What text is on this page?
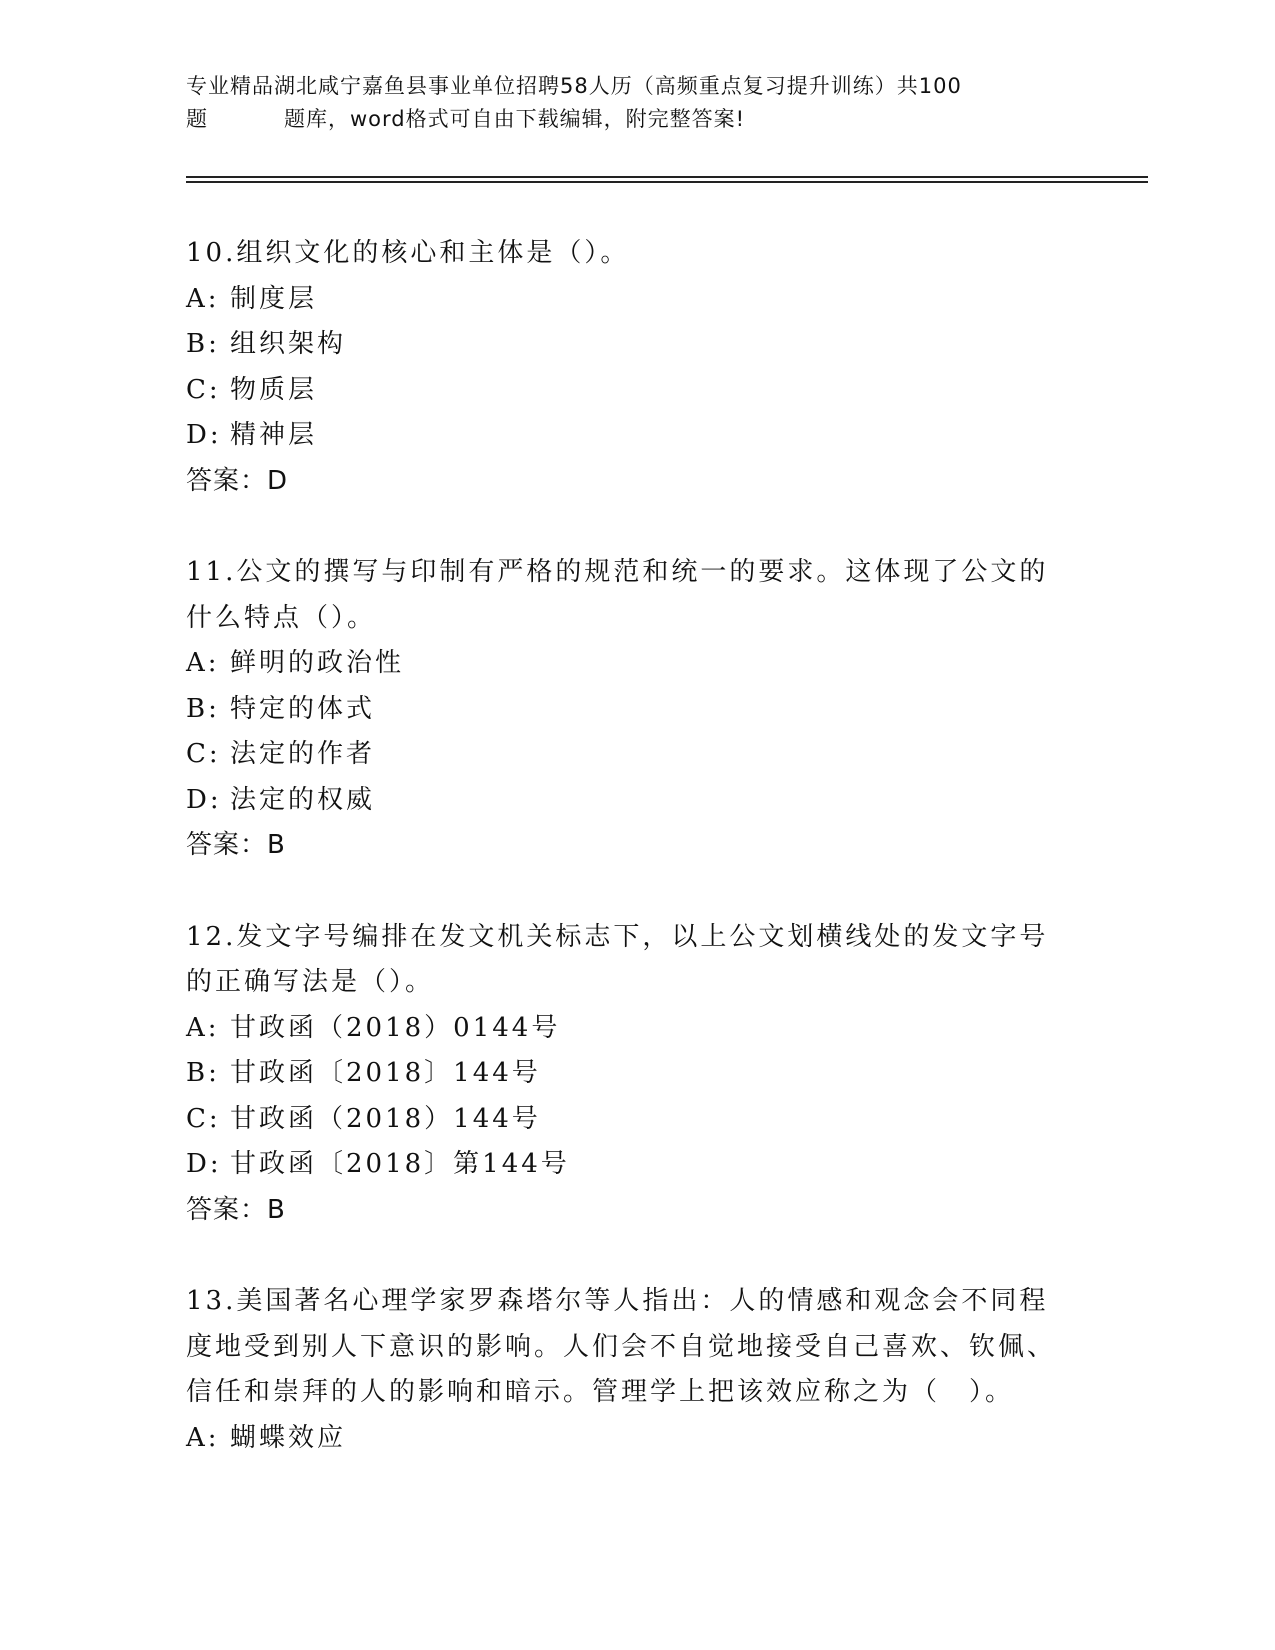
专业精品湖北咸宁嘉鱼县事业单位招聘58人历（高频重点复习提升训练）共100
题	题库，word格式可自由下载编辑，附完整答案!

10.组织文化的核心和主体是（）。

A: 制度层

B: 组织架构

C: 物质层

D: 精神层

答案：D

11.公文的撰写与印制有严格的规范和统一的要求。这体现了公文的什么特点（）。

A: 鲜明的政治性

B: 特定的体式

C: 法定的作者

D: 法定的权威

答案：B

12.发文字号编排在发文机关标志下，以上公文划横线处的发文字号的正确写法是（）。

A: 甘政函（2018）0144号

B: 甘政函〔2018〕144号

C: 甘政函（2018）144号

D: 甘政函〔2018〕第144号

答案：B

13.美国著名心理学家罗森塔尔等人指出：人的情感和观念会不同程度地受到别人下意识的影响。人们会不自觉地接受自己喜欢、钦佩、信任和崇拜的人的影响和暗示。管理学上把该效应称之为（　）。

A: 蝴蝶效应
